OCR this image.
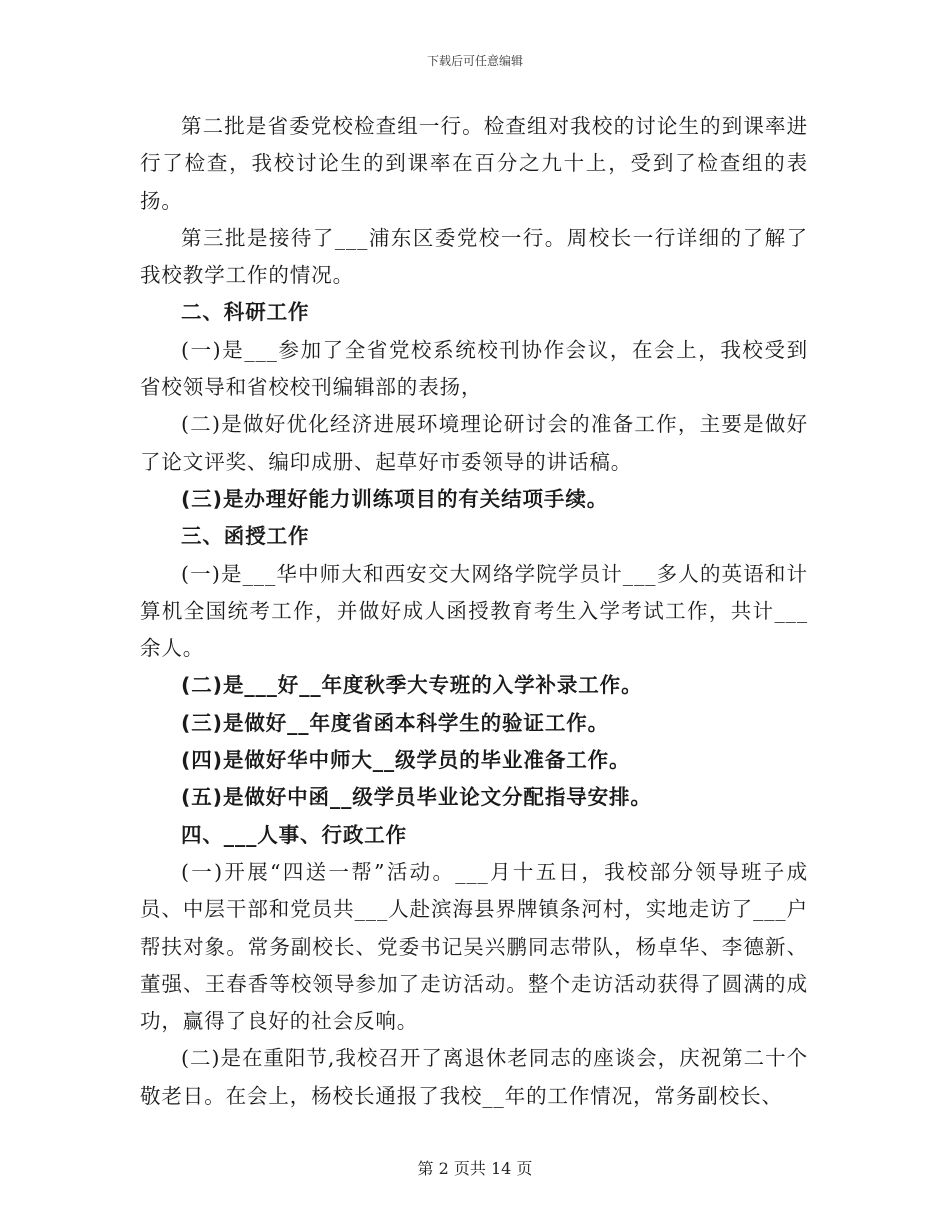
下载后可任意编辑

第二批是省委党校检查组一行。检查组对我校的讨论生的到课率进行了检查，我校讨论生的到课率在百分之九十上，受到了检查组的表扬。

第三批是接待了___浦东区委党校一行。周校长一行详细的了解了我校教学工作的情况。

二、科研工作

(一)是___参加了全省党校系统校刊协作会议，在会上，我校受到省校领导和省校校刊编辑部的表扬，

(二)是做好优化经济进展环境理论研讨会的准备工作，主要是做好了论文评奖、编印成册、起草好市委领导的讲话稿。

(三)是办理好能力训练项目的有关结项手续。

三、函授工作

(一)是___华中师大和西安交大网络学院学员计___多人的英语和计算机全国统考工作，并做好成人函授教育考生入学考试工作，共计___余人。

(二)是___好__年度秋季大专班的入学补录工作。

(三)是做好__年度省函本科学生的验证工作。

(四)是做好华中师大__级学员的毕业准备工作。

(五)是做好中函__级学员毕业论文分配指导安排。

四、___人事、行政工作

(一)开展“四送一帮”活动。___月十五日，我校部分领导班子成员、中层干部和党员共___人赴滨海县界牌镇条河村，实地走访了___户帮扶对象。常务副校长、党委书记吴兴鹏同志带队，杨卓华、李德新、董强、王春香等校领导参加了走访活动。整个走访活动获得了圆满的成功，赢得了良好的社会反响。

(二)是在重阳节,我校召开了离退休老同志的座谈会，庆祝第二十个敬老日。在会上，杨校长通报了我校__年的工作情况，常务副校长、

第 2 页共 14 页
